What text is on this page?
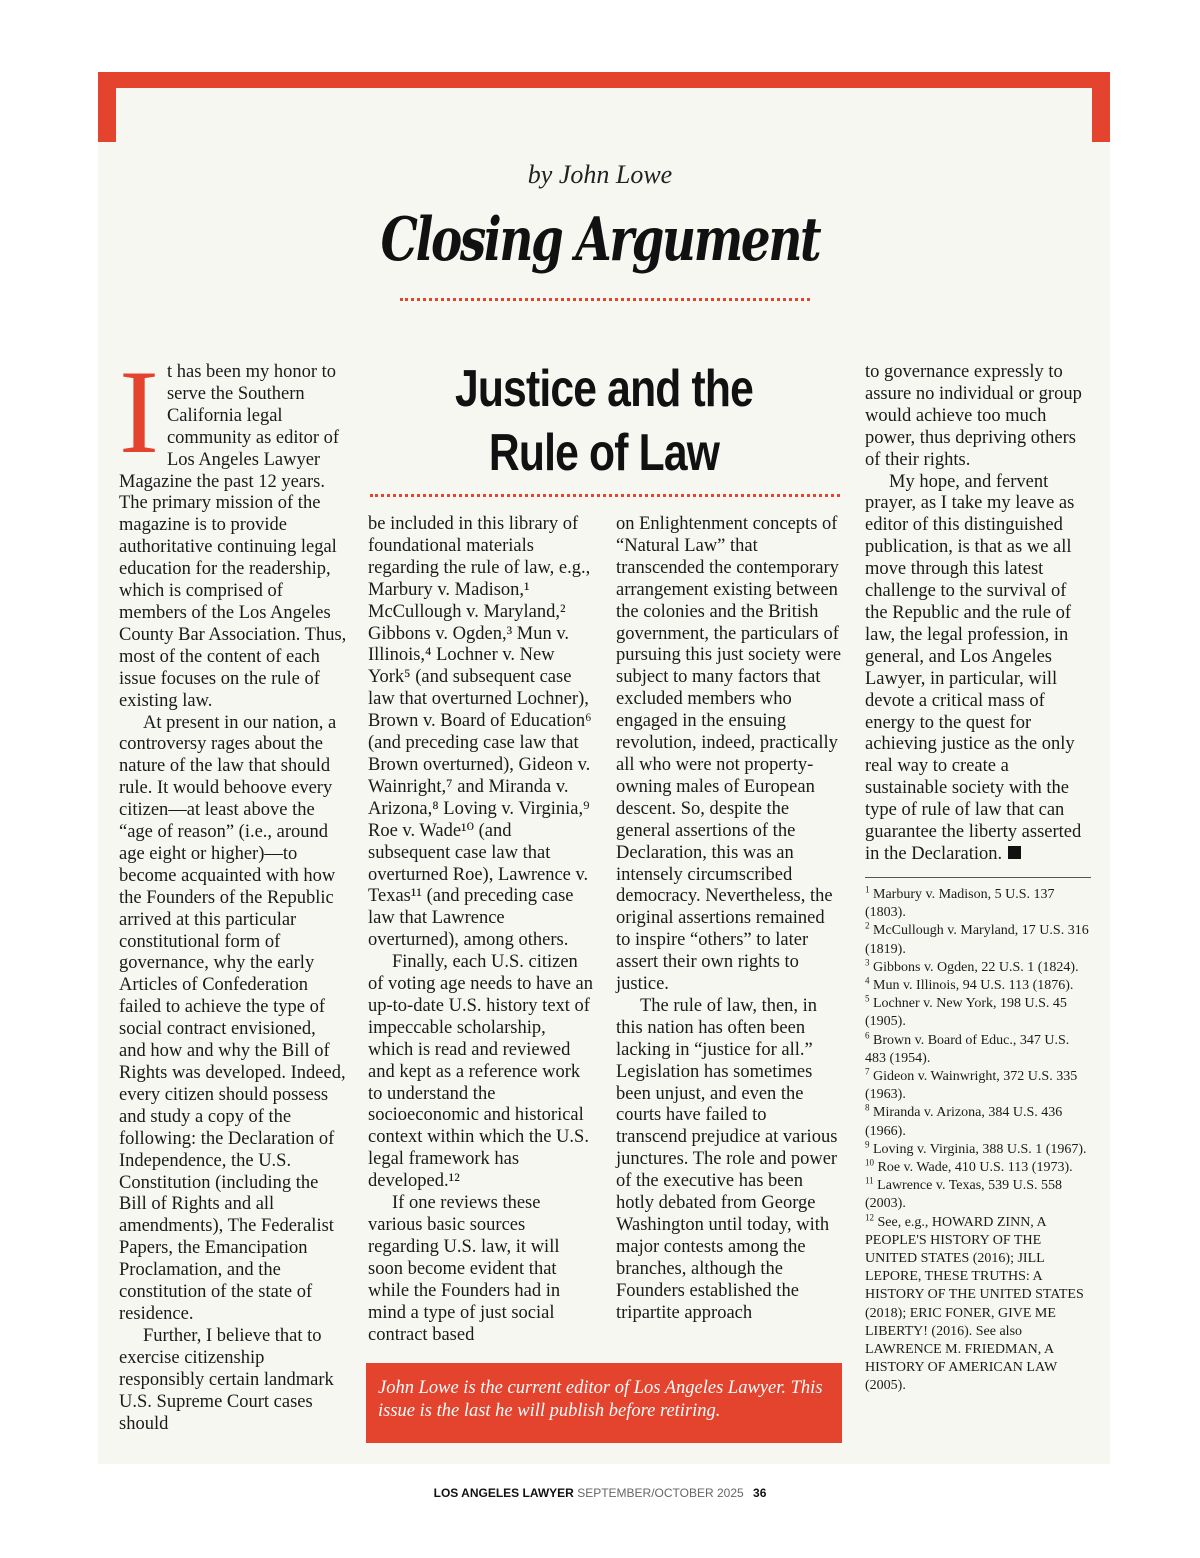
by John Lowe
Closing Argument
Justice and the
Rule of Law
I t has been my honor to serve the Southern California legal community as editor of Los Angeles Lawyer Magazine the past 12 years. The primary mission of the magazine is to provide authoritative continuing legal education for the readership, which is comprised of members of the Los Angeles County Bar Association. Thus, most of the content of each issue focuses on the rule of existing law.

At present in our nation, a controversy rages about the nature of the law that should rule. It would behoove every citizen—at least above the “age of reason” (i.e., around age eight or higher)—to become acquainted with how the Founders of the Republic arrived at this particular constitutional form of governance, why the early Articles of Confederation failed to achieve the type of social contract envisioned, and how and why the Bill of Rights was developed. Indeed, every citizen should possess and study a copy of the following: the Declaration of Independence, the U.S. Constitution (including the Bill of Rights and all amendments), The Federalist Papers, the Emancipation Proclamation, and the constitution of the state of residence.

Further, I believe that to exercise citizenship responsibly certain landmark U.S. Supreme Court cases should

be included in this library of foundational materials regarding the rule of law, e.g., Marbury v. Madison,¹ McCullough v. Maryland,² Gibbons v. Ogden,³ Mun v. Illinois,⁴ Lochner v. New York⁵ (and subsequent case law that overturned Lochner), Brown v. Board of Education⁶ (and preceding case law that Brown overturned), Gideon v. Wainright,⁷ and Miranda v. Arizona,⁸ Loving v. Virginia,⁹ Roe v. Wade¹⁰ (and subsequent case law that overturned Roe), Lawrence v. Texas¹¹ (and preceding case law that Lawrence overturned), among others.

Finally, each U.S. citizen of voting age needs to have an up-to-date U.S. history text of impeccable scholarship, which is read and reviewed and kept as a reference work to understand the socioeconomic and historical context within which the U.S. legal framework has developed.¹²

If one reviews these various basic sources regarding U.S. law, it will soon become evident that while the Founders had in mind a type of just social contract based

on Enlightenment concepts of “Natural Law” that transcended the contemporary arrangement existing between the colonies and the British government, the particulars of pursuing this just society were subject to many factors that excluded members who engaged in the ensuing revolution, indeed, practically all who were not property-owning males of European descent. So, despite the general assertions of the Declaration, this was an intensely circumscribed democracy. Nevertheless, the original assertions remained to inspire “others” to later assert their own rights to justice.

The rule of law, then, in this nation has often been lacking in “justice for all.” Legislation has sometimes been unjust, and even the courts have failed to transcend prejudice at various junctures. The role and power of the executive has been hotly debated from George Washington until today, with major contests among the branches, although the Founders established the tripartite approach

to governance expressly to assure no individual or group would achieve too much power, thus depriving others of their rights.

My hope, and fervent prayer, as I take my leave as editor of this distinguished publication, is that as we all move through this latest challenge to the survival of the Republic and the rule of law, the legal profession, in general, and Los Angeles Lawyer, in particular, will devote a critical mass of energy to the quest for achieving justice as the only real way to create a sustainable society with the type of rule of law that can guarantee the liberty asserted in the Declaration.

$^1$ Marbury v. Madison, 5 U.S. 137 (1803).

$^2$ McCullough v. Maryland, 17 U.S. 316 (1819).

$^3$ Gibbons v. Ogden, 22 U.S. 1 (1824).

$^4$ Mun v. Illinois, 94 U.S. 113 (1876).

$^5$ Lochner v. New York, 198 U.S. 45 (1905).

$^6$ Brown v. Board of Educ., 347 U.S. 483 (1954).

$^7$ Gideon v. Wainwright, 372 U.S. 335 (1963).

$^8$ Miranda v. Arizona, 384 U.S. 436 (1966).

$^9$ Loving v. Virginia, 388 U.S. 1 (1967).

$^{10}$ Roe v. Wade, 410 U.S. 113 (1973).

$^{11}$ Lawrence v. Texas, 539 U.S. 558 (2003).

$^{12}$ See, e.g., HOWARD ZINN, A PEOPLE'S HISTORY OF THE UNITED STATES (2016); JILL LEPORE, THESE TRUTHS: A HISTORY OF THE UNITED STATES (2018); ERIC FONER, GIVE ME LIBERTY! (2016). See also LAWRENCE M. FRIEDMAN, A HISTORY OF AMERICAN LAW (2005).

John Lowe is the current editor of Los Angeles Lawyer. This issue is the last he will publish before retiring.
LOS ANGELES LAWYER SEPTEMBER/OCTOBER 2025 36
